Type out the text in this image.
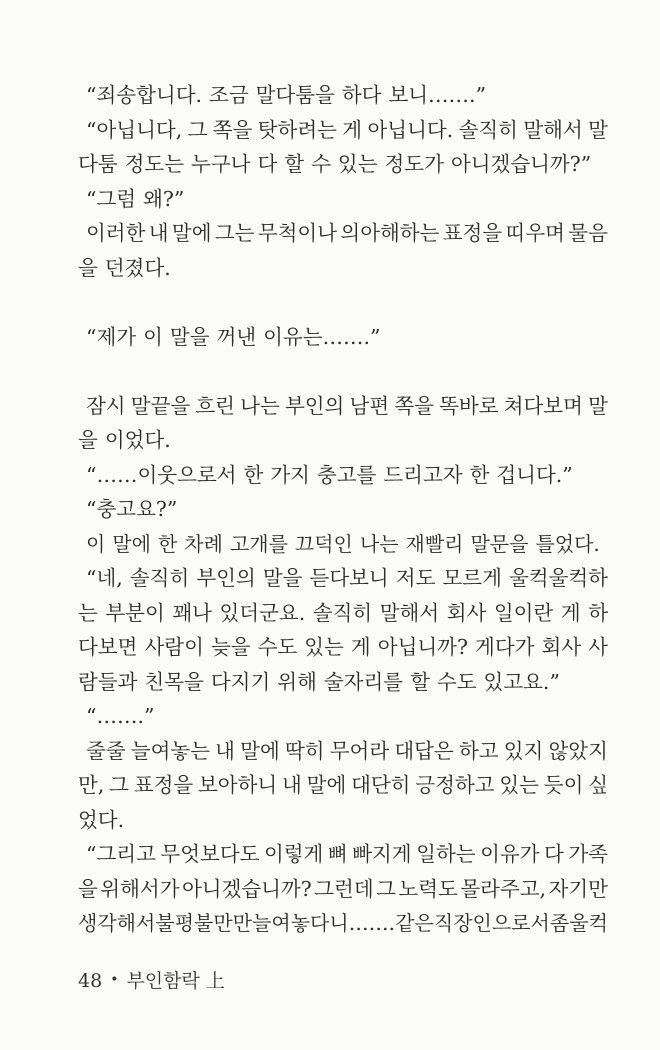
“죄송합니다. 조금 말다툼을 하다 보니…….”
“아닙니다, 그 쪽을 탓하려는 게 아닙니다. 솔직히 말해서 말
다툼 정도는 누구나 다 할 수 있는 정도가 아니겠습니까?”
“그럼 왜?”
이러한 내 말에 그는 무척이나 의아해하는 표정을 띠우며 물음
을 던졌다.
“제가 이 말을 꺼낸 이유는…….”
잠시 말끝을 흐린 나는 부인의 남편 쪽을 똑바로 쳐다보며 말
을 이었다.
“……이웃으로서 한 가지 충고를 드리고자 한 겁니다.”
“충고요?”
이 말에 한 차례 고개를 끄덕인 나는 재빨리 말문을 틀었다.
“네, 솔직히 부인의 말을 듣다보니 저도 모르게 울컥울컥하
는 부분이 꽤나 있더군요. 솔직히 말해서 회사 일이란 게 하
다보면 사람이 늦을 수도 있는 게 아닙니까? 게다가 회사 사
람들과 친목을 다지기 위해 술자리를 할 수도 있고요.”
“…….”
줄줄 늘여놓는 내 말에 딱히 무어라 대답은 하고 있지 않았지
만, 그 표정을 보아하니 내 말에 대단히 긍정하고 있는 듯이 싶
었다.
“그리고 무엇보다도 이렇게 뼈 빠지게 일하는 이유가 다 가족
을 위해서가 아니겠습니까? 그런데 그 노력도 몰라주고, 자기만
생각해서 불평불만만 늘여놓다니……. 같은 직장인으로서 좀 울컥
48 • 부인함락 上
